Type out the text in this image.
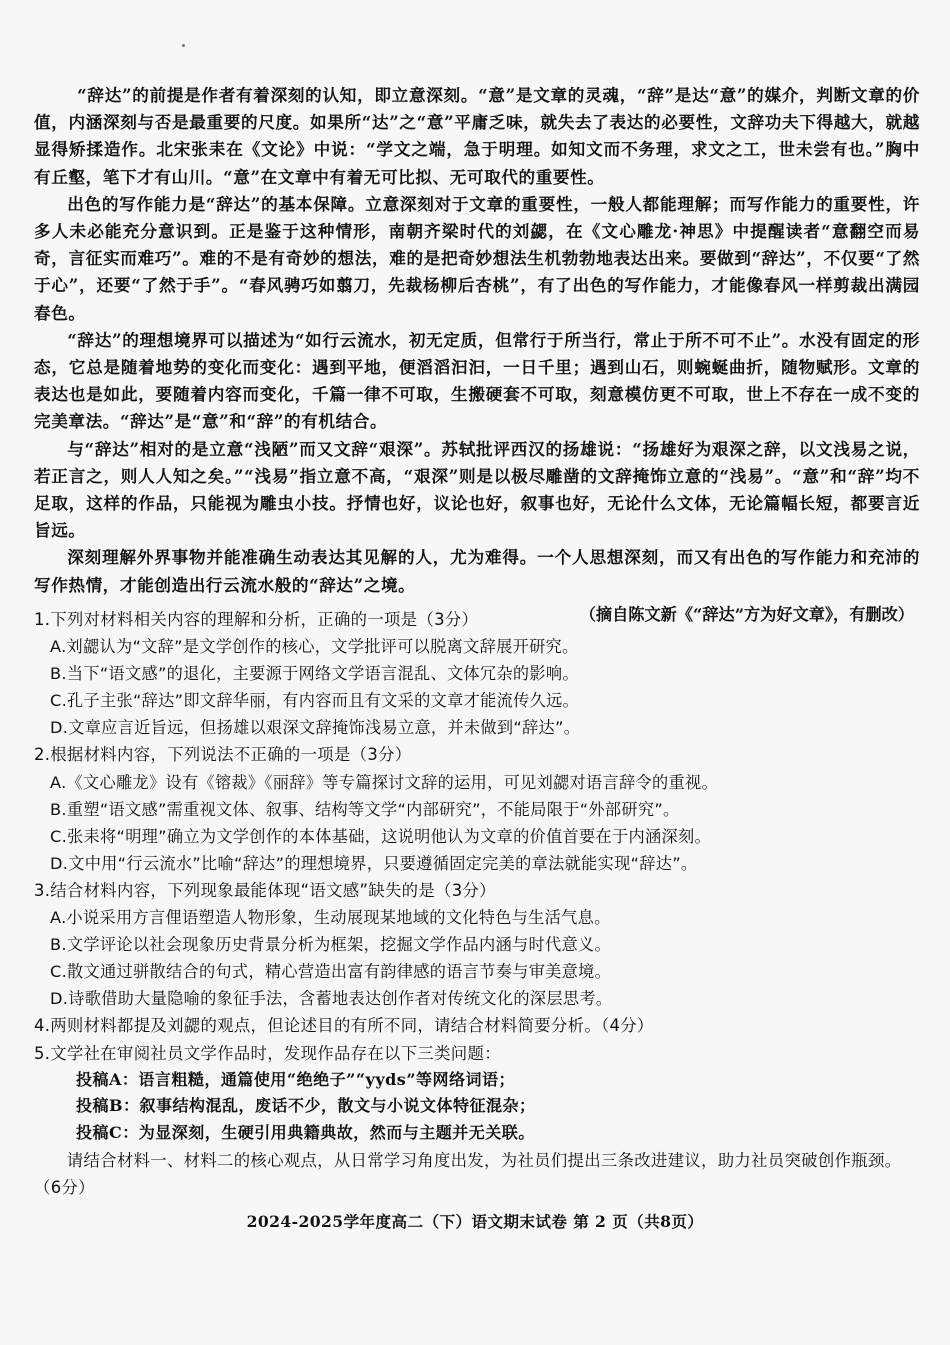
“辞达”的前提是作者有着深刻的认知，即立意深刻。“意”是文章的灵魂，“辞”是达“意”的媒介，判断文章的价值，内涵深刻与否是最重要的尺度。如果所“达”之“意”平庸乏味，就失去了表达的必要性，文辞功夫下得越大，就越显得矫揉造作。北宋张耒在《文论》中说：“学文之端，急于明理。如知文而不务理，求文之工，世未尝有也。”胸中有丘壑，笔下才有山川。“意”在文章中有着无可比拟、无可取代的重要性。

出色的写作能力是“辞达”的基本保障。立意深刻对于文章的重要性，一般人都能理解；而写作能力的重要性，许多人未必能充分意识到。正是鉴于这种情形，南朝齐梁时代的刘勰，在《文心雕龙·神思》中提醒读者“意翻空而易奇，言征实而难巧”。难的不是有奇妙的想法，难的是把奇妙想法生机勃勃地表达出来。要做到“辞达”，不仅要“了然于心”，还要“了然于手”。“春风骋巧如翦刀，先裁杨柳后杏桃”，有了出色的写作能力，才能像春风一样剪裁出满园春色。

“辞达”的理想境界可以描述为“如行云流水，初无定质，但常行于所当行，常止于所不可不止”。水没有固定的形态，它总是随着地势的变化而变化：遇到平地，便滔滔汩汩，一日千里；遇到山石，则蜿蜒曲折，随物赋形。文章的表达也是如此，要随着内容而变化，千篇一律不可取，生搬硬套不可取，刻意模仿更不可取，世上不存在一成不变的完美章法。“辞达”是“意”和“辞”的有机结合。

与“辞达”相对的是立意“浅陋”而又文辞“艰深”。苏轼批评西汉的扬雄说：“扬雄好为艰深之辞，以文浅易之说，若正言之，则人人知之矣。”“浅易”指立意不高，“艰深”则是以极尽雕凿的文辞掩饰立意的“浅易”。“意”和“辞”均不足取，这样的作品，只能视为雕虫小技。抒情也好，议论也好，叙事也好，无论什么文体，无论篇幅长短，都要言近旨远。

深刻理解外界事物并能准确生动表达其见解的人，尤为难得。一个人思想深刻，而又有出色的写作能力和充沛的写作热情，才能创造出行云流水般的“辞达”之境。

（摘自陈文新《“辞达”方为好文章》，有删改）

1.下列对材料相关内容的理解和分析，正确的一项是（3分）

A.刘勰认为“文辞”是文学创作的核心，文学批评可以脱离文辞展开研究。

B.当下“语文感”的退化，主要源于网络文学语言混乱、文体冗杂的影响。

C.孔子主张“辞达”即文辞华丽，有内容而且有文采的文章才能流传久远。

D.文章应言近旨远，但扬雄以艰深文辞掩饰浅易立意，并未做到“辞达”。

2.根据材料内容，下列说法不正确的一项是（3分）

A.《文心雕龙》设有《镕裁》《丽辞》等专篇探讨文辞的运用，可见刘勰对语言辞令的重视。

B.重塑“语文感”需重视文体、叙事、结构等文学“内部研究”，不能局限于“外部研究”。

C.张耒将“明理”确立为文学创作的本体基础，这说明他认为文章的价值首要在于内涵深刻。

D.文中用“行云流水”比喻“辞达”的理想境界，只要遵循固定完美的章法就能实现“辞达”。

3.结合材料内容，下列现象最能体现“语文感”缺失的是（3分）

A.小说采用方言俚语塑造人物形象，生动展现某地域的文化特色与生活气息。

B.文学评论以社会现象历史背景分析为框架，挖掘文学作品内涵与时代意义。

C.散文通过骈散结合的句式，精心营造出富有韵律感的语言节奏与审美意境。

D.诗歌借助大量隐喻的象征手法，含蓄地表达创作者对传统文化的深层思考。

4.两则材料都提及刘勰的观点，但论述目的有所不同，请结合材料简要分析。（4分）

5.文学社在审阅社员文学作品时，发现作品存在以下三类问题：

投稿A：语言粗糙，通篇使用“绝绝子”“yyds”等网络词语；

投稿B：叙事结构混乱，废话不少，散文与小说文体特征混杂；

投稿C：为显深刻，生硬引用典籍典故，然而与主题并无关联。

请结合材料一、材料二的核心观点，从日常学习角度出发，为社员们提出三条改进建议，助力社员突破创作瓶颈。（6分）

2024-2025学年度高二（下）语文期末试卷 第 2 页（共8页）
